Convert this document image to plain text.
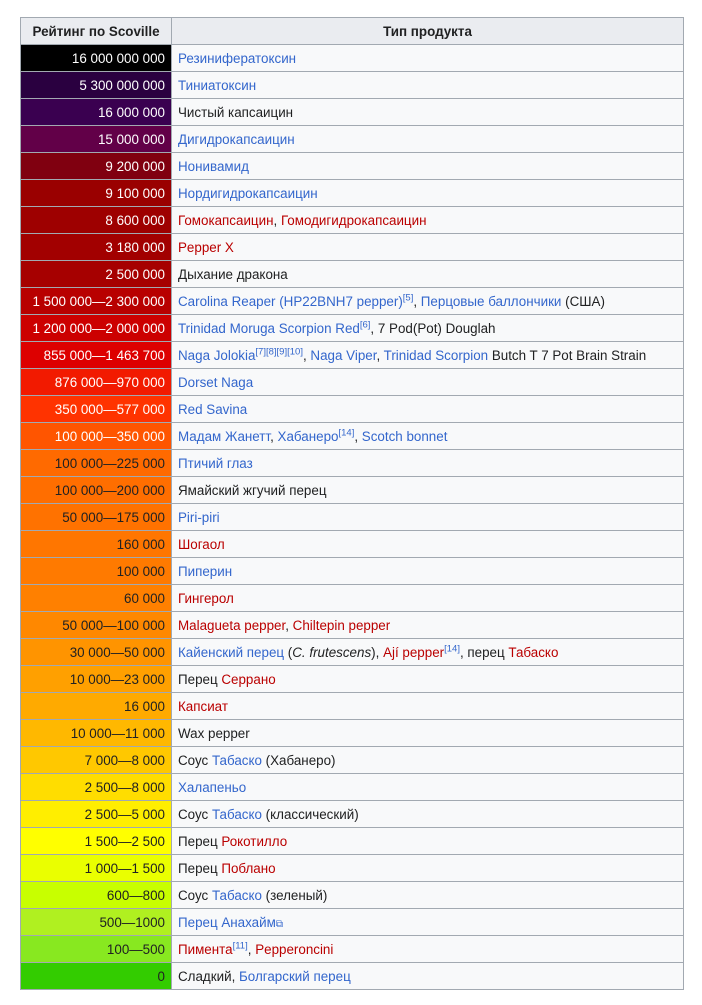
Рейтинг по Scoville	Тип продукта
16 000 000 000	Резинифератоксин
5 300 000 000	Тиниатоксин
16 000 000	Чистый капсаицин
15 000 000	Дигидрокапсаицин
9 200 000	Нонивамид
9 100 000	Нордигидрокапсаицин
8 600 000	Гомокапсаицин, Гомодигидрокапсаицин
3 180 000	Pepper X
2 500 000	Дыхание дракона
1 500 000—2 300 000	Carolina Reaper (HP22BNH7 pepper)[5], Перцовые баллончики (США)
1 200 000—2 000 000	Trinidad Moruga Scorpion Red[6], 7 Pod(Pot) Douglah
855 000—1 463 700	Naga Jolokia[7][8][9][10], Naga Viper, Trinidad Scorpion Butch T 7 Pot Brain Strain
876 000—970 000	Dorset Naga
350 000—577 000	Red Savina
100 000—350 000	Мадам Жанетт, Хабанеро[14], Scotch bonnet
100 000—225 000	Птичий глаз
100 000—200 000	Ямайский жгучий перец
50 000—175 000	Piri-piri
160 000	Шогаол
100 000	Пиперин
60 000	Гингерол
50 000—100 000	Malagueta pepper, Chiltepin pepper
30 000—50 000	Кайенский перец (C. frutescens), Ají pepper[14], перец Табаско
10 000—23 000	Перец Серрано
16 000	Капсиат
10 000—11 000	Wax pepper
7 000—8 000	Соус Табаско (Хабанеро)
2 500—8 000	Халапеньо
2 500—5 000	Соус Табаско (классический)
1 500—2 500	Перец Рокотилло
1 000—1 500	Перец Поблано
600—800	Соус Табаско (зеленый)
500—1000	Перец Анахайм⧉
100—500	Пимента[11], Pepperoncini
0	Сладкий, Болгарский перец
